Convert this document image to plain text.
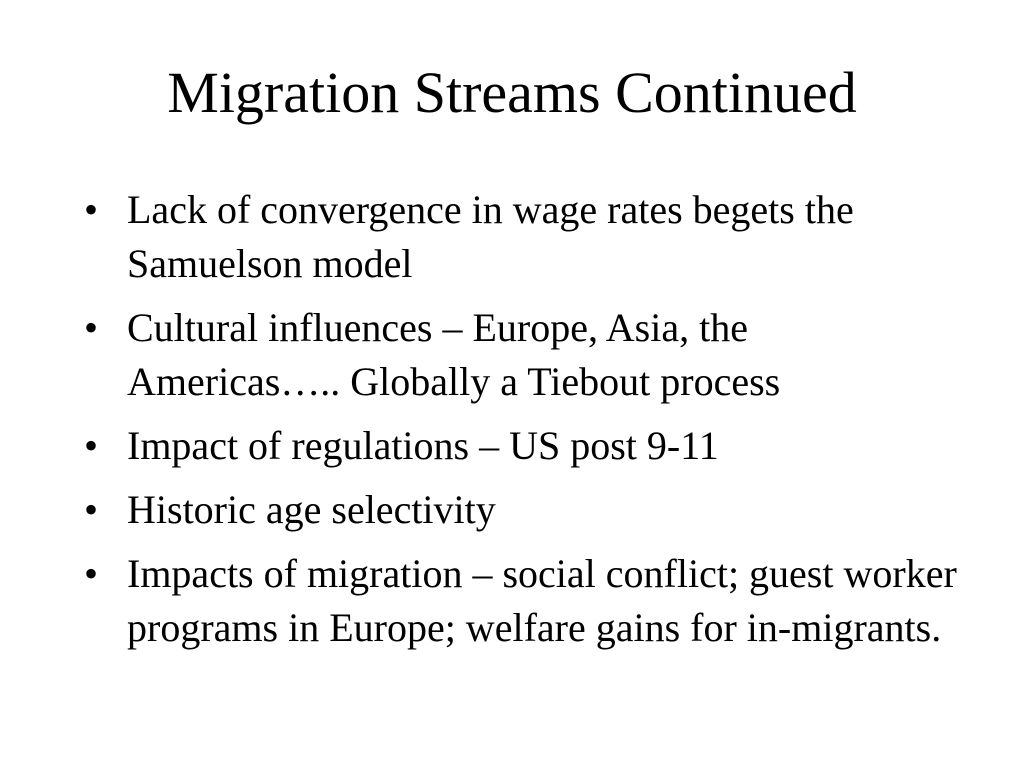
Migration Streams Continued
• Lack of convergence in wage rates begets the Samuelson model
• Cultural influences – Europe, Asia, the Americas….. Globally a Tiebout process
• Impact of regulations – US post 9-11
• Historic age selectivity
• Impacts of migration – social conflict; guest worker programs in Europe; welfare gains for in-migrants.
